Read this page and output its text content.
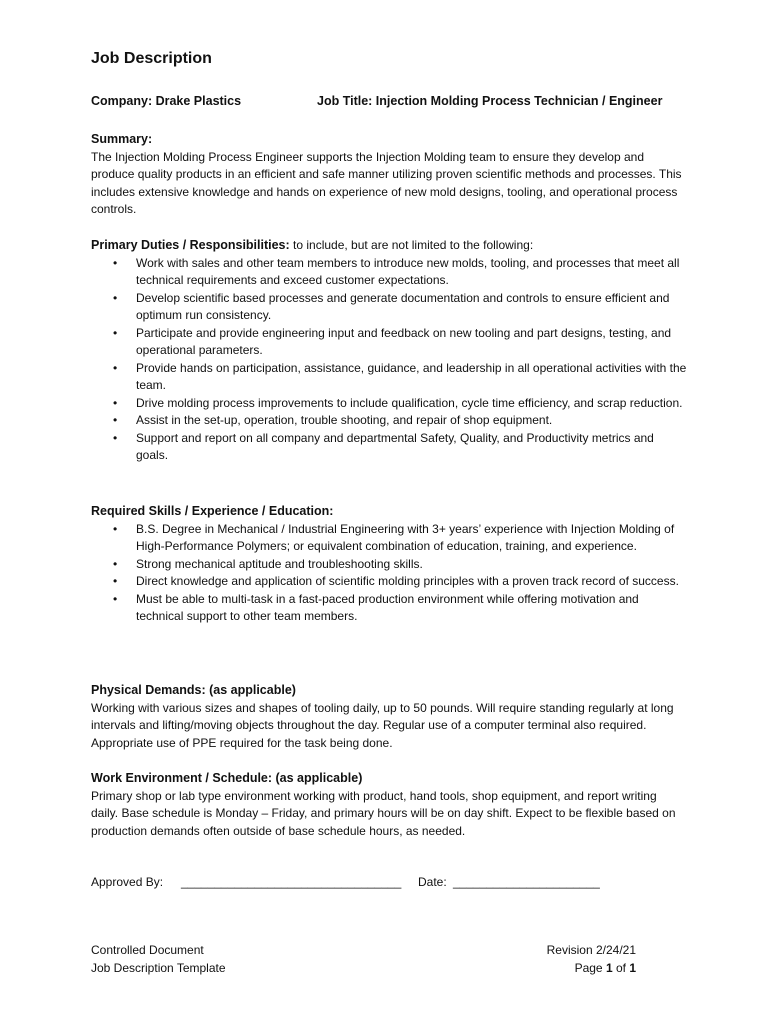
Job Description
Company: Drake Plastics	Job Title: Injection Molding Process Technician / Engineer
Summary:

The Injection Molding Process Engineer supports the Injection Molding team to ensure they develop and produce quality products in an efficient and safe manner utilizing proven scientific methods and processes. This includes extensive knowledge and hands on experience of new mold designs, tooling, and operational process controls.

Primary Duties / Responsibilities: to include, but are not limited to the following:
• Work with sales and other team members to introduce new molds, tooling, and processes that meet all technical requirements and exceed customer expectations.
• Develop scientific based processes and generate documentation and controls to ensure efficient and optimum run consistency.
• Participate and provide engineering input and feedback on new tooling and part designs, testing, and operational parameters.
• Provide hands on participation, assistance, guidance, and leadership in all operational activities with the team.
• Drive molding process improvements to include qualification, cycle time efficiency, and scrap reduction.
• Assist in the set-up, operation, trouble shooting, and repair of shop equipment.
• Support and report on all company and departmental Safety, Quality, and Productivity metrics and goals.
Required Skills / Experience / Education:
• B.S. Degree in Mechanical / Industrial Engineering with 3+ years’ experience with Injection Molding of High-Performance Polymers; or equivalent combination of education, training, and experience.
• Strong mechanical aptitude and troubleshooting skills.
• Direct knowledge and application of scientific molding principles with a proven track record of success.
• Must be able to multi-task in a fast-paced production environment while offering motivation and technical support to other team members.
Physical Demands: (as applicable)

Working with various sizes and shapes of tooling daily, up to 50 pounds. Will require standing regularly at long intervals and lifting/moving objects throughout the day. Regular use of a computer terminal also required. Appropriate use of PPE required for the task being done.

Work Environment / Schedule: (as applicable)

Primary shop or lab type environment working with product, hand tools, shop equipment, and report writing daily. Base schedule is Monday – Friday, and primary hours will be on day shift. Expect to be flexible based on production demands often outside of base schedule hours, as needed.

Approved By: _________________________________ Date: ______________________
Controlled Document
Job Description Template
Revision 2/24/21
Page 1 of 1
